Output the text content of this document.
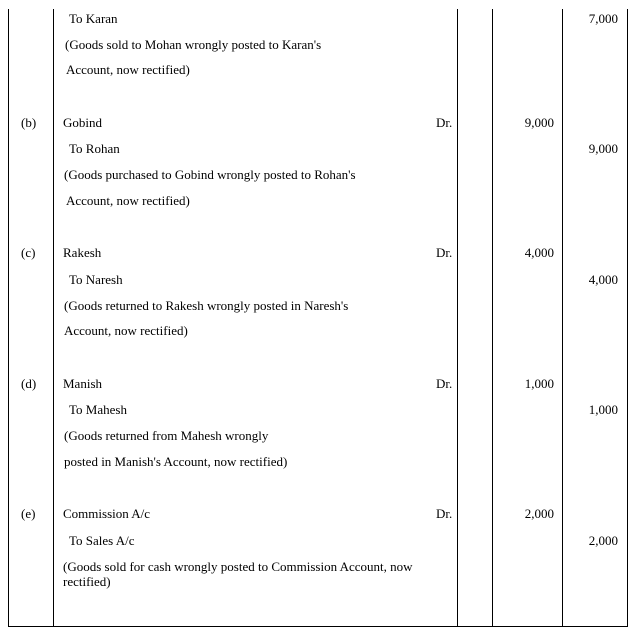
To Karan	7,000
(Goods sold to Mohan wrongly posted to Karan's
Account, now rectified)
(b) Gobind	Dr.	9,000
To Rohan	9,000
(Goods purchased to Gobind wrongly posted to Rohan's
Account, now rectified)
(c) Rakesh	Dr.	4,000
To Naresh	4,000
(Goods returned to Rakesh wrongly posted in Naresh's
Account, now rectified)
(d) Manish	Dr.	1,000
To Mahesh	1,000
(Goods returned from Mahesh wrongly
posted in Manish's Account, now rectified)
(e) Commission A/c	Dr.	2,000
To Sales A/c	2,000
(Goods sold for cash wrongly posted to Commission Account, now rectified)
